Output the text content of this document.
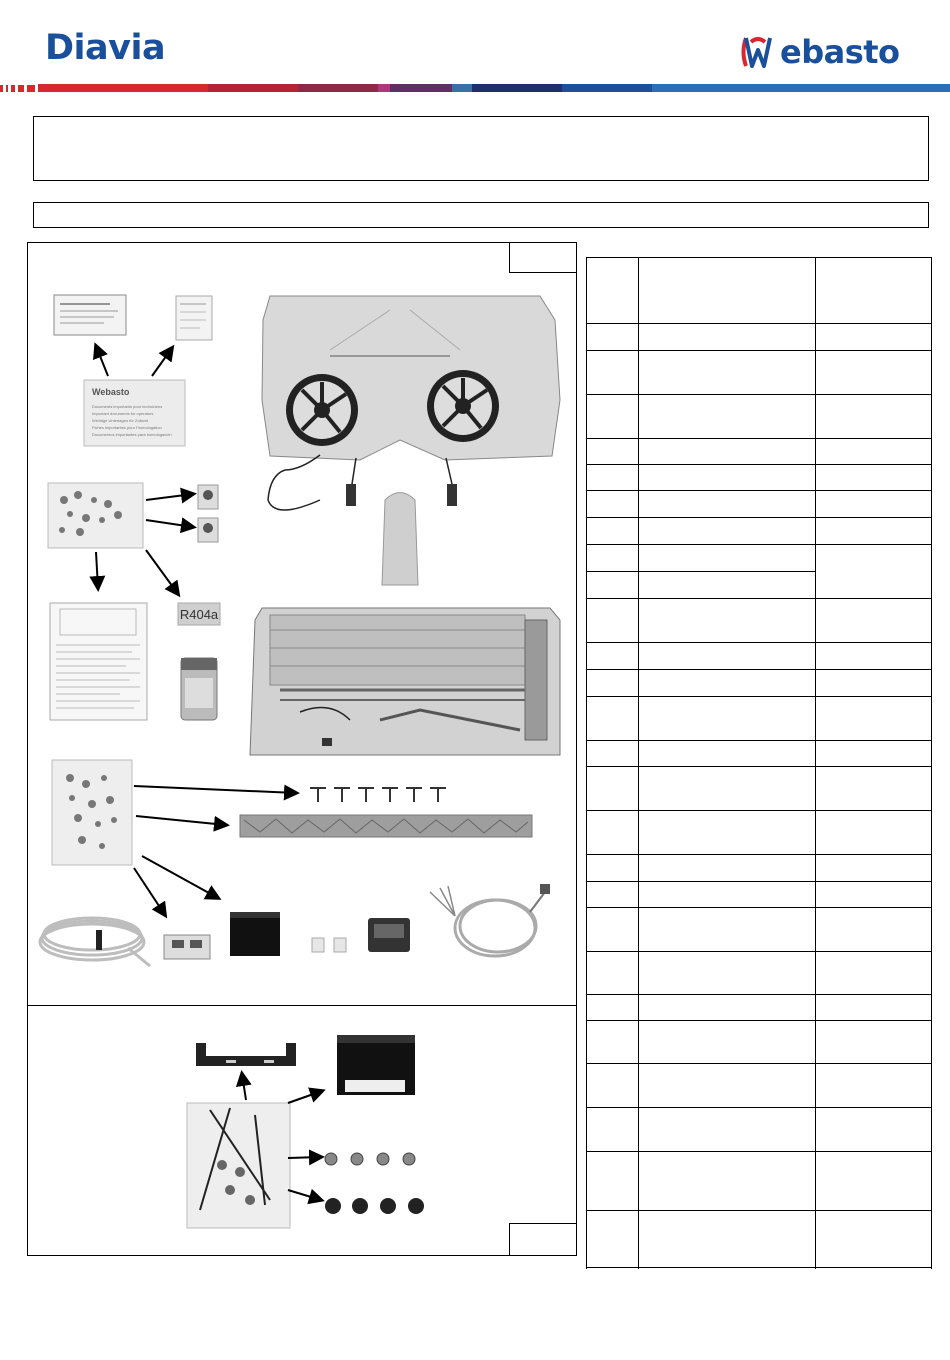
Diavia	ebasto
Webasto
Documents importants pour techniciens
Important documents for operators
Wichtige Unterlagen für Zollamt
Fiches importantes pour l'homologation
Documentos importantes para homologación
R404a
